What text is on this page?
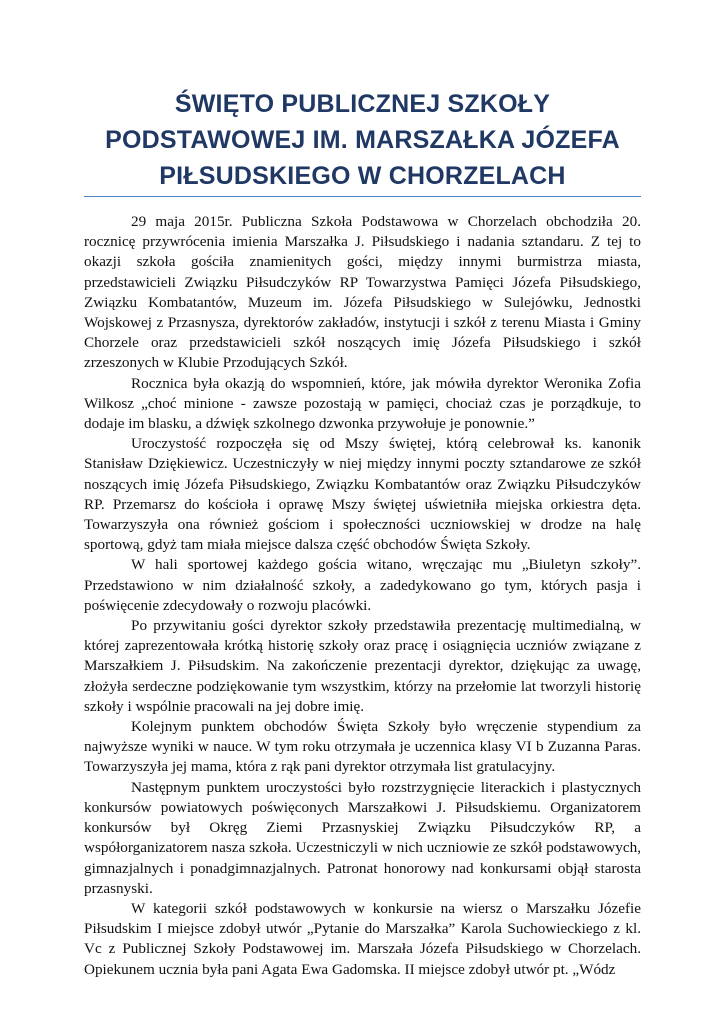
ŚWIĘTO PUBLICZNEJ SZKOŁY PODSTAWOWEJ IM. MARSZAŁKA JÓZEFA PIŁSUDSKIEGO W CHORZELACH

29 maja 2015r. Publiczna Szkoła Podstawowa w Chorzelach obchodziła 20. rocznicę przywrócenia imienia Marszałka J. Piłsudskiego i nadania sztandaru. Z tej to okazji szkoła gościła znamienitych gości, między innymi burmistrza miasta, przedstawicieli Związku Piłsudczyków RP Towarzystwa Pamięci Józefa Piłsudskiego, Związku Kombatantów, Muzeum im. Józefa Piłsudskiego w Sulejówku, Jednostki Wojskowej z Przasnysza, dyrektorów zakładów, instytucji i szkół z terenu Miasta i Gminy Chorzele oraz przedstawicieli szkół noszących imię Józefa Piłsudskiego i szkół zrzeszonych w Klubie Przodujących Szkół.

Rocznica była okazją do wspomnień, które, jak mówiła dyrektor Weronika Zofia Wilkosz „choć minione - zawsze pozostają w pamięci, chociaż czas je porządkuje, to dodaje im blasku, a dźwięk szkolnego dzwonka przywołuje je ponownie.”

Uroczystość rozpoczęła się od Mszy świętej, którą celebrował ks. kanonik Stanisław Dziękiewicz. Uczestniczyły w niej między innymi poczty sztandarowe ze szkół noszących imię Józefa Piłsudskiego, Związku Kombatantów oraz Związku Piłsudczyków RP. Przemarsz do kościoła i oprawę Mszy świętej uświetniła miejska orkiestra dęta. Towarzyszyła ona również gościom i społeczności uczniowskiej w drodze na halę sportową, gdyż tam miała miejsce dalsza część obchodów Święta Szkoły.

W hali sportowej każdego gościa witano, wręczając mu „Biuletyn szkoły”. Przedstawiono w nim działalność szkoły, a zadedykowano go tym, których pasja i poświęcenie zdecydowały o rozwoju placówki.

Po przywitaniu gości dyrektor szkoły przedstawiła prezentację multimedialną, w której zaprezentowała krótką historię szkoły oraz pracę i osiągnięcia uczniów związane z Marszałkiem J. Piłsudskim. Na zakończenie prezentacji dyrektor, dziękując za uwagę, złożyła serdeczne podziękowanie tym wszystkim, którzy na przełomie lat tworzyli historię szkoły i wspólnie pracowali na jej dobre imię.

Kolejnym punktem obchodów Święta Szkoły było wręczenie stypendium za najwyższe wyniki w nauce. W tym roku otrzymała je uczennica klasy VI b Zuzanna Paras. Towarzyszyła jej mama, która z rąk pani dyrektor otrzymała list gratulacyjny.

Następnym punktem uroczystości było rozstrzygnięcie literackich i plastycznych konkursów powiatowych poświęconych Marszałkowi J. Piłsudskiemu. Organizatorem konkursów był Okręg Ziemi Przasnyskiej Związku Piłsudczyków RP, a współorganizatorem nasza szkoła. Uczestniczyli w nich uczniowie ze szkół podstawowych, gimnazjalnych i ponadgimnazjalnych. Patronat honorowy nad konkursami objął starosta przasnyski.

W kategorii szkół podstawowych w konkursie na wiersz o Marszałku Józefie Piłsudskim I miejsce zdobył utwór „Pytanie do Marszałka” Karola Suchowieckiego z kl. Vc z Publicznej Szkoły Podstawowej im. Marszała Józefa Piłsudskiego w Chorzelach. Opiekunem ucznia była pani Agata Ewa Gadomska. II miejsce zdobył utwór pt. „Wódz
